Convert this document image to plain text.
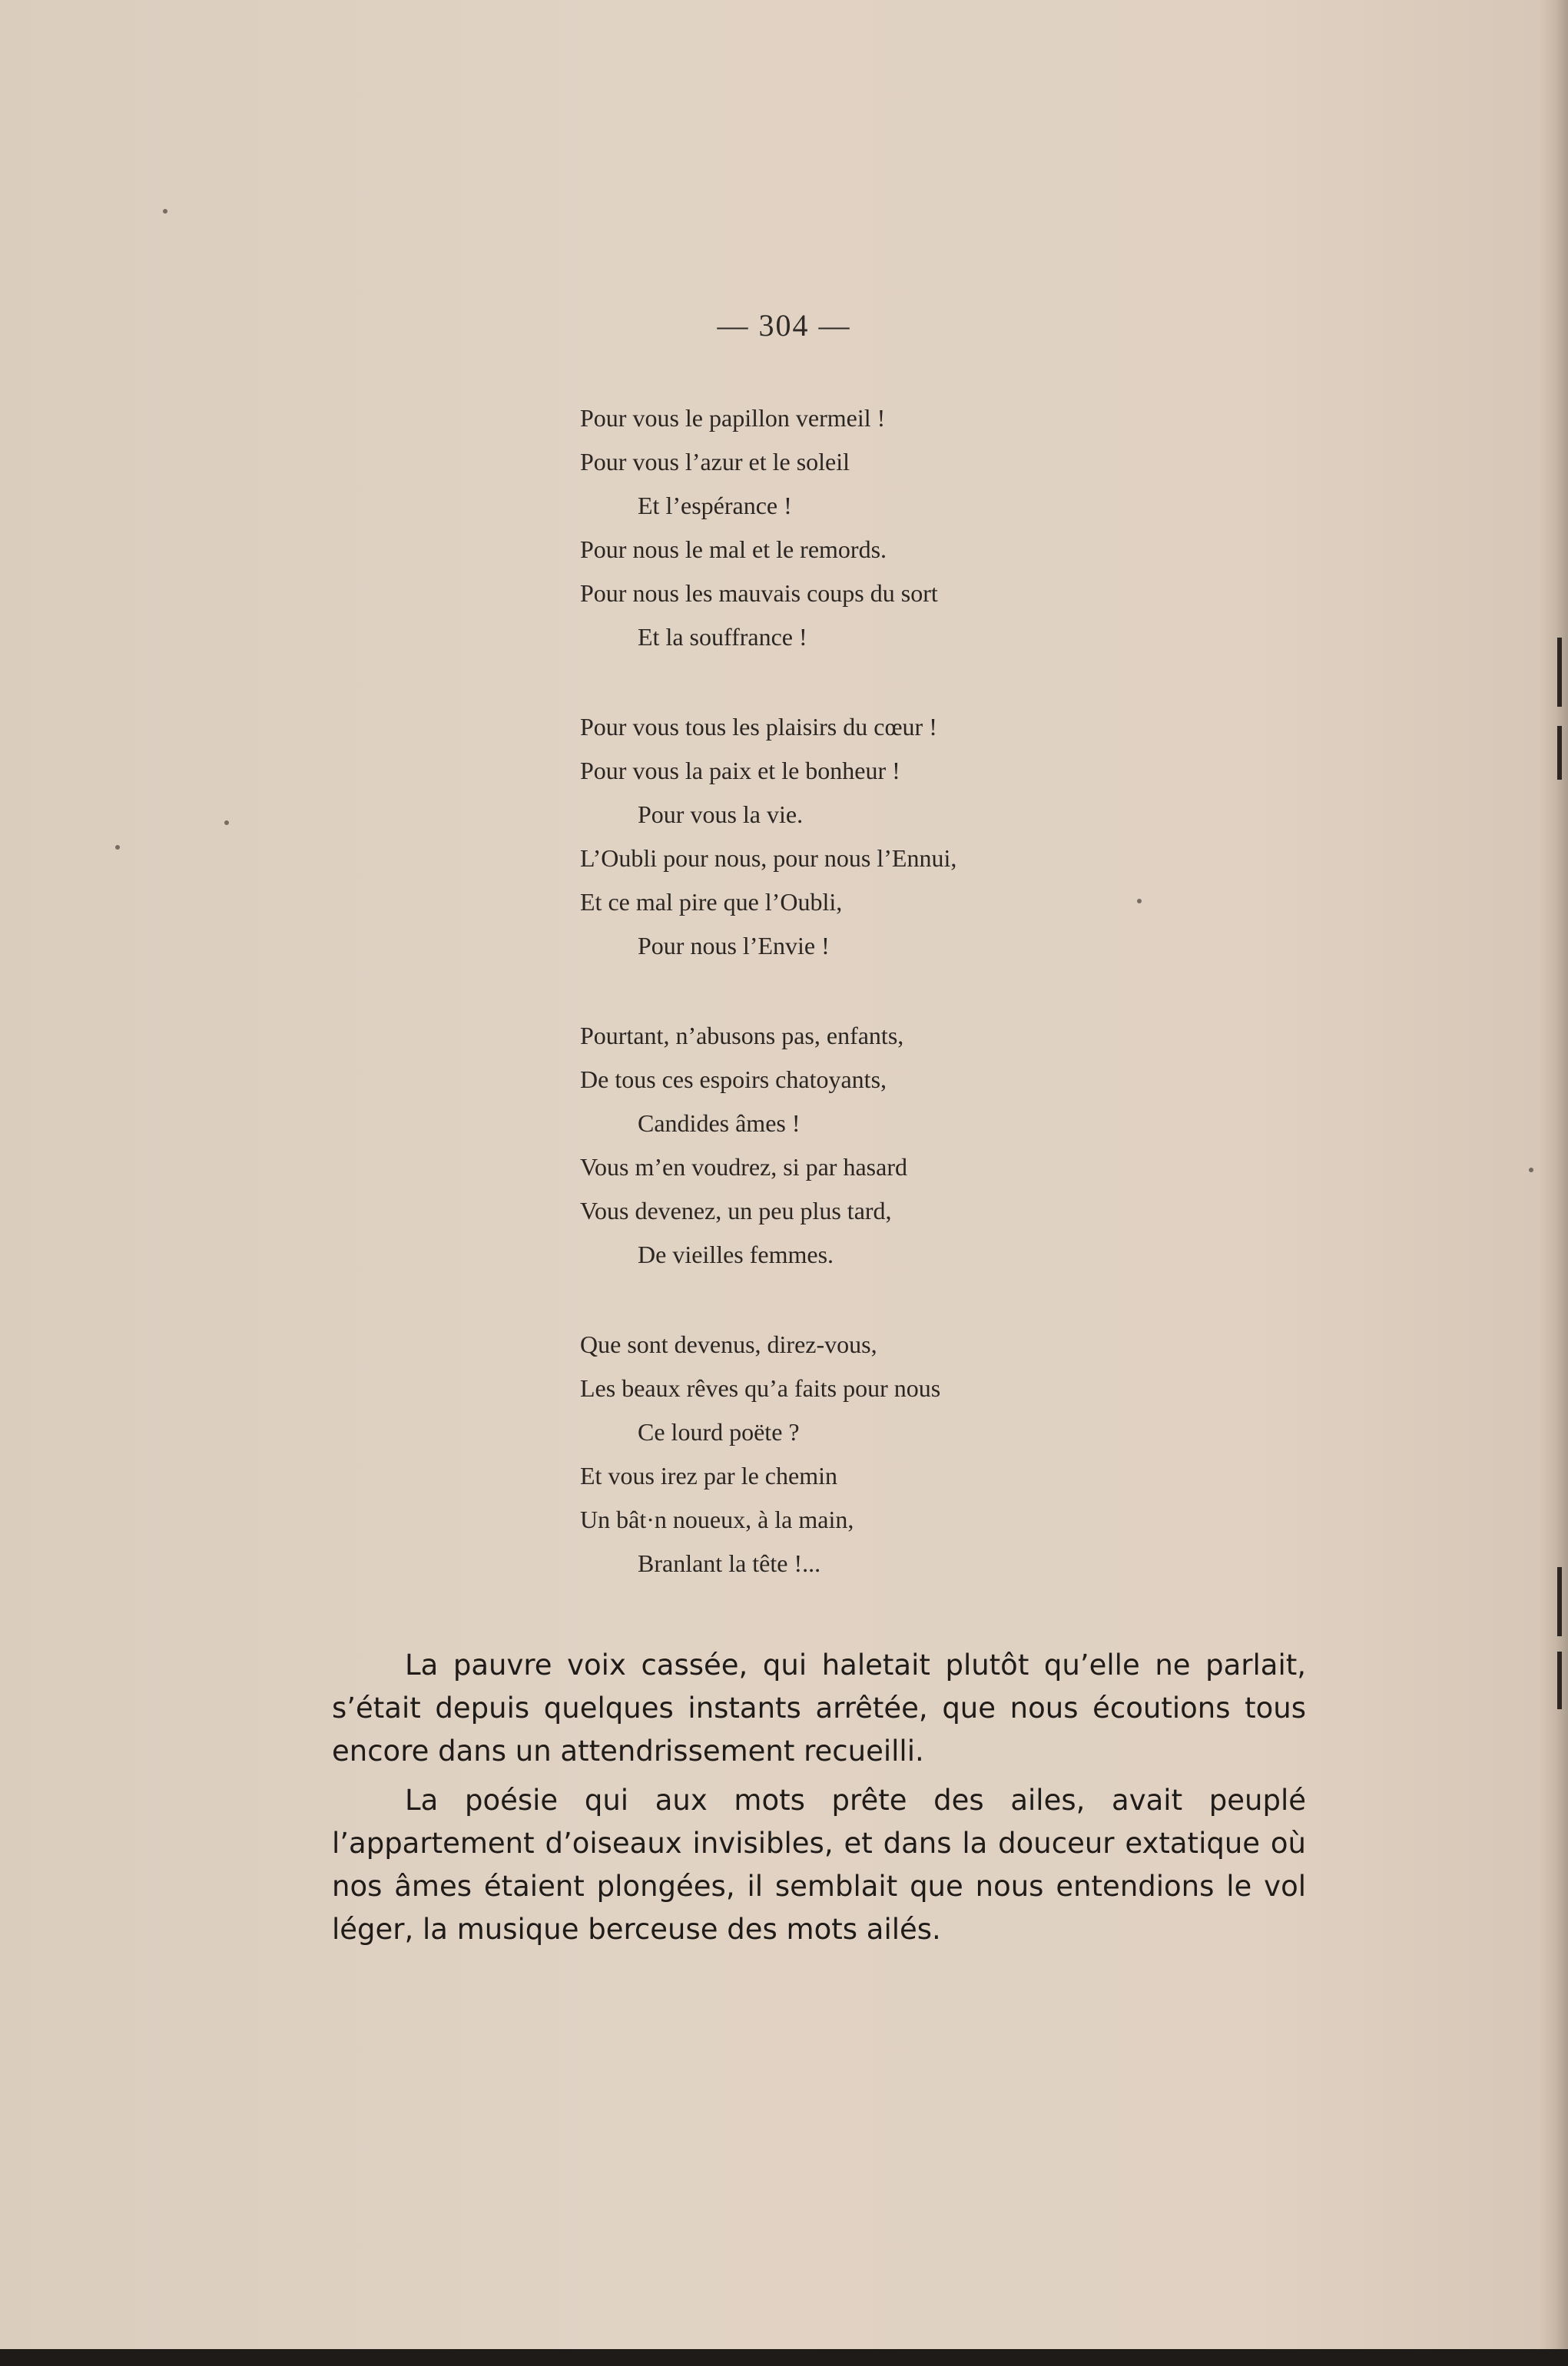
— 304 —
Pour vous le papillon vermeil !
Pour vous l’azur et le soleil
Et l’espérance !
Pour nous le mal et le remords.
Pour nous les mauvais coups du sort
Et la souffrance !
Pour vous tous les plaisirs du cœur !
Pour vous la paix et le bonheur !
Pour vous la vie.
L’Oubli pour nous, pour nous l’Ennui,
Et ce mal pire que l’Oubli,
Pour nous l’Envie !
Pourtant, n’abusons pas, enfants,
De tous ces espoirs chatoyants,
Candides âmes !
Vous m’en voudrez, si par hasard
Vous devenez, un peu plus tard,
De vieilles femmes.
Que sont devenus, direz-vous,
Les beaux rêves qu’a faits pour nous
Ce lourd poëte ?
Et vous irez par le chemin
Un bât·n noueux, à la main,
Branlant la tête !...

La pauvre voix cassée, qui haletait plutôt qu’elle ne parlait, s’était depuis quelques instants arrêtée, que nous écoutions tous encore dans un attendrissement recueilli.

La poésie qui aux mots prête des ailes, avait peuplé l’appartement d’oiseaux invisibles, et dans la douceur extatique où nos âmes étaient plongées, il semblait que nous entendions le vol léger, la musique berceuse des mots ailés.
